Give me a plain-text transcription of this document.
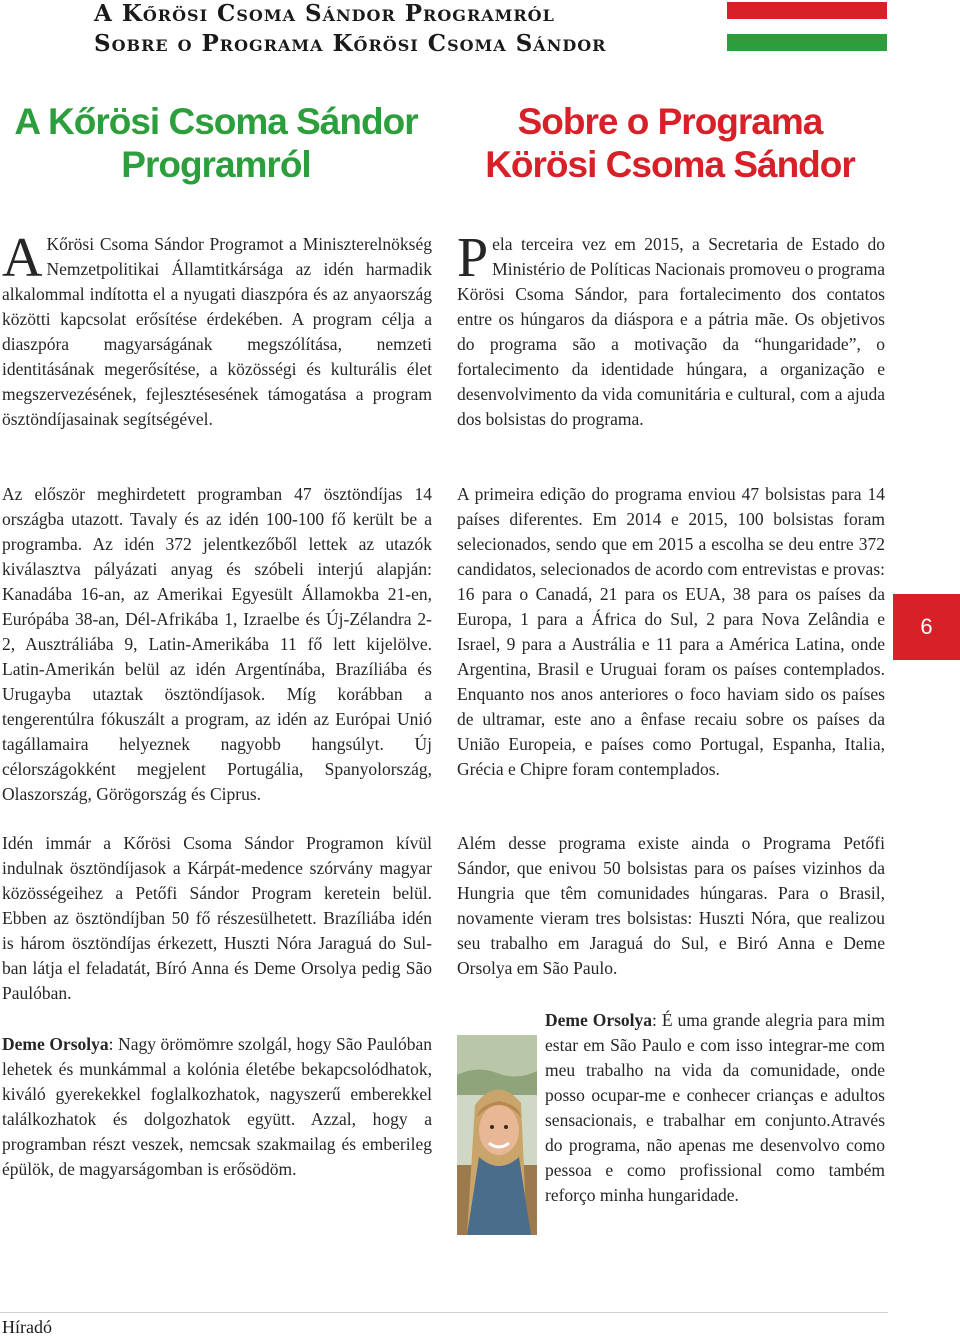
A Kőrösi Csoma Sándor Programról
Sobre o Programa Kőrösi Csoma Sándor
A Kőrösi Csoma Sándor
Programról
Sobre o Programa
Körösi Csoma Sándor

A Kőrösi Csoma Sándor Programot a Miniszterelnökség Nemzetpolitikai Államtitkársága az idén harmadik alkalommal indította el a nyugati diaszpóra és az anyaország közötti kapcsolat erősítése érdekében. A program célja a diaszpóra magyarságának megszólítása, nemzeti identitásának megerősítése, a közösségi és kulturális élet megszervezésének, fejlesztésesének támogatása a program ösztöndíjasainak segítségével.

Az először meghirdetett programban 47 ösztöndíjas 14 országba utazott. Tavaly és az idén 100-100 fő került be a programba. Az idén 372 jelentkezőből lettek az utazók kiválasztva pályázati anyag és szóbeli interjú alapján: Kanadába 16-an, az Amerikai Egyesült Államokba 21-en, Európába 38-an, Dél-Afrikába 1, Izraelbe és Új-Zélandra 2-2, Ausztráliába 9, Latin-Amerikába 11 fő lett kijelölve. Latin-Amerikán belül az idén Argentínába, Brazíliába és Urugayba utaztak ösztöndíjasok. Míg korábban a tengerentúlra fókuszált a program, az idén az Európai Unió tagállamaira helyeznek nagyobb hangsúlyt. Új célországokként megjelent Portugália, Spanyolország, Olaszország, Görögország és Ciprus.

Idén immár a Kőrösi Csoma Sándor Programon kívül indulnak ösztöndíjasok a Kárpát-medence szórvány magyar közösségeihez a Petőfi Sándor Program keretein belül. Ebben az ösztöndíjban 50 fő részesülhetett. Brazíliába idén is három ösztöndíjas érkezett, Huszti Nóra Jaraguá do Sul-ban látja el feladatát, Bíró Anna és Deme Orsolya pedig São Paulóban.

Deme Orsolya: Nagy örömömre szolgál, hogy São Paulóban lehetek és munkámmal a kolónia életébe bekapcsolódhatok, kiváló gyerekekkel foglalkozhatok, nagyszerű emberekkel találkozhatok és dolgozhatok együtt. Azzal, hogy a programban részt veszek, nemcsak szakmailag és emberileg épülök, de magyarságomban is erősödöm.

P ela terceira vez em 2015, a Secretaria de Estado do Ministério de Políticas Nacionais promoveu o programa Körösi Csoma Sándor, para fortalecimento dos contatos entre os húngaros da diáspora e a pátria mãe. Os objetivos do programa são a motivação da “hungaridade”, o fortalecimento da identidade húngara, a organização e desenvolvimento da vida comunitária e cultural, com a ajuda dos bolsistas do programa.

A primeira edição do programa enviou 47 bolsistas para 14 países diferentes. Em 2014 e 2015, 100 bolsistas foram selecionados, sendo que em 2015 a escolha se deu entre 372 candidatos, selecionados de acordo com entrevistas e provas: 16 para o Canadá, 21 para os EUA, 38 para os países da Europa, 1 para a África do Sul, 2 para Nova Zelândia e Israel, 9 para a Austrália e 11 para a América Latina, onde Argentina, Brasil e Uruguai foram os países contemplados. Enquanto nos anos anteriores o foco haviam sido os países de ultramar, este ano a ênfase recaiu sobre os países da União Europeia, e países como Portugal, Espanha, Italia, Grécia e Chipre foram contemplados.

Além desse programa existe ainda o Programa Petőfi Sándor, que enivou 50 bolsistas para os países vizinhos da Hungria que têm comunidades húngaras. Para o Brasil, novamente vieram tres bolsistas: Huszti Nóra, que realizou seu trabalho em Jaraguá do Sul, e Biró Anna e Deme Orsolya em São Paulo.

Deme Orsolya: É uma grande alegria para mim estar em São Paulo e com isso integrar-me com meu trabalho na vida da comunidade, onde posso ocupar-me e conhecer crianças e adultos sensacionais, e trabalhar em conjunto.Através do programa, não apenas me desenvolvo como pessoa e como profissional como também reforço minha hungaridade.

6

Híradó
